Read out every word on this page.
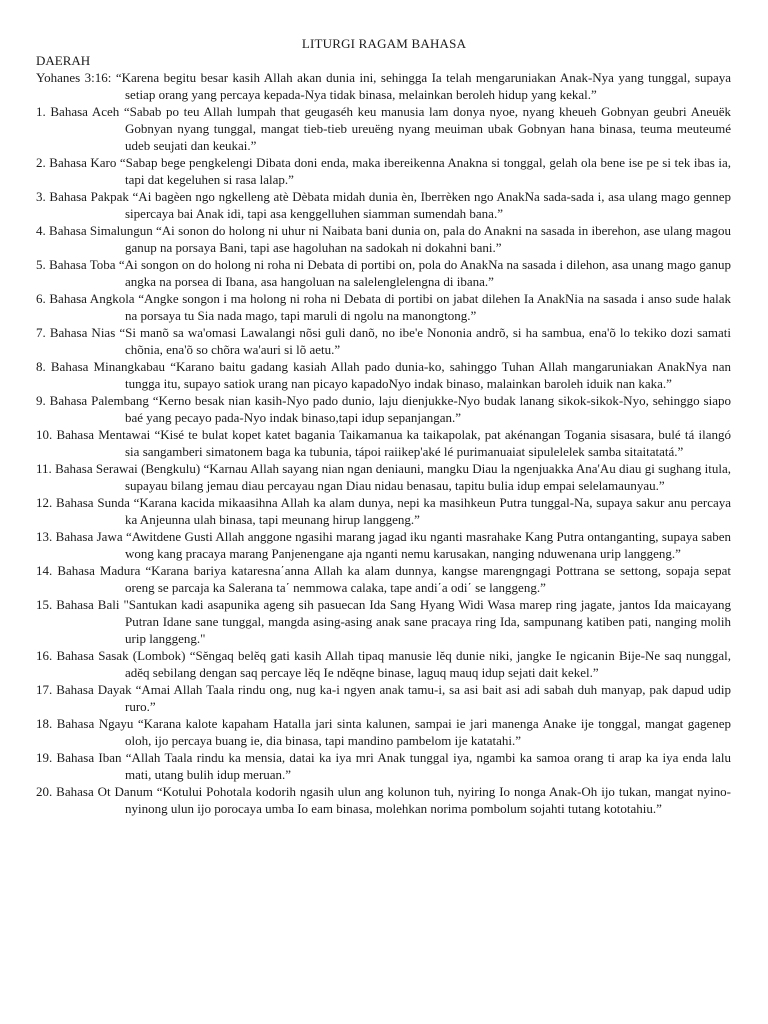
LITURGI RAGAM BAHASA
DAERAH
Yohanes 3:16: “Karena begitu besar kasih Allah akan dunia ini, sehingga Ia telah mengaruniakan Anak-Nya yang tunggal, supaya setiap orang yang percaya kepada-Nya tidak binasa, melainkan beroleh hidup yang kekal.”
1. Bahasa Aceh “Sabab po teu Allah lumpah that geugaséh keu manusia lam donya nyoe, nyang kheueh Gobnyan geubri Aneuëk Gobnyan nyang tunggal, mangat tieb-tieb ureuëng nyang meuiman ubak Gobnyan hana binasa, teuma meuteumé udeb seujati dan keukai.”
2. Bahasa Karo “Sabap bege pengkelengi Dibata doni enda, maka ibereikenna Anakna si tonggal, gelah ola bene ise pe si tek ibas ia, tapi dat kegeluhen si rasa lalap.”
3. Bahasa Pakpak “Ai bagèen ngo ngkelleng atè Dèbata midah dunia èn, Iberrèken ngo AnakNa sada-sada i, asa ulang mago gennep sipercaya bai Anak idi, tapi asa kenggelluhen siamman sumendah bana.”
4. Bahasa Simalungun “Ai sonon do holong ni uhur ni Naibata bani dunia on, pala do Anakni na sasada in iberehon, ase ulang magou ganup na porsaya Bani, tapi ase hagoluhan na sadokah ni dokahni bani.”
5. Bahasa Toba “Ai songon on do holong ni roha ni Debata di portibi on, pola do AnakNa na sasada i dilehon, asa unang mago ganup angka na porsea di Ibana, asa hangoluan na salelenglelengna di ibana.”
6. Bahasa Angkola “Angke songon i ma holong ni roha ni Debata di portibi on jabat dilehen Ia AnakNia na sasada i anso sude halak na porsaya tu Sia nada mago, tapi maruli di ngolu na manongtong.”
7. Bahasa Nias “Si manõ sa wa'omasi Lawalangi nõsi guli danõ, no ibe'e Nononia andrõ, si ha sambua, ena'õ lo tekiko dozi samati chõnia, ena'õ so chõra wa'auri si lõ aetu.”
8. Bahasa Minangkabau “Karano baitu gadang kasiah Allah pado dunia-ko, sahinggo Tuhan Allah mangaruniakan AnakNya nan tungga itu, supayo satiok urang nan picayo kapadoNyo indak binaso, malainkan baroleh iduik nan kaka.”
9. Bahasa Palembang “Kerno besak nian kasih-Nyo pado dunio, laju dienjukke-Nyo budak lanang sikok-sikok-Nyo, sehinggo siapo baé yang pecayo pada-Nyo indak binaso,tapi idup sepanjangan.”
10. Bahasa Mentawai “Kisé te bulat kopet katet bagania Taikamanua ka taikapolak, pat akénangan Togania sisasara, bulé tá ilangó sia sangamberi simatonem baga ka tubunia, tápoi raiikep'aké lé purimanuaiat sipulelelek samba sitaitatatá.”
11. Bahasa Serawai (Bengkulu) “Karnau Allah sayang nian ngan deniauni, mangku Diau la ngenjuakka Ana'Au diau gi sughang itula, supayau bilang jemau diau percayau ngan Diau nidau benasau, tapitu bulia idup empai selelamaunyau.”
12. Bahasa Sunda “Karana kacida mikaasihna Allah ka alam dunya, nepi ka masihkeun Putra tunggal-Na, supaya sakur anu percaya ka Anjeunna ulah binasa, tapi meunang hirup langgeng.”
13. Bahasa Jawa “Awitdene Gusti Allah anggone ngasihi marang jagad iku nganti masrahake Kang Putra ontanganting, supaya saben wong kang pracaya marang Panjenengane aja nganti nemu karusakan, nanging nduwenana urip langgeng.”
14. Bahasa Madura “Karana bariya kataresna΄anna Allah ka alam dunnya, kangse marengngagi Pottrana se settong, sopaja sepat oreng se parcaja ka Salerana ta΄ nemmowa calaka, tape andi΄a odi΄ se langgeng.”
15. Bahasa Bali "Santukan kadi asapunika ageng sih pasuecan Ida Sang Hyang Widi Wasa marep ring jagate, jantos Ida maicayang Putran Idane sane tunggal, mangda asing-asing anak sane pracaya ring Ida, sampunang katiben pati, nanging molih urip langgeng."
16. Bahasa Sasak (Lombok) “Sĕngaq belĕq gati kasih Allah tipaq manusie lĕq dunie niki, jangke Ie ngicanin Bije-Ne saq nunggal, adĕq sebilang dengan saq percaye lĕq Ie ndĕqne binase, laguq mauq idup sejati dait kekel.”
17. Bahasa Dayak “Amai Allah Taala rindu ong, nug ka-i ngyen anak tamu-i, sa asi bait asi adi sabah duh manyap, pak dapud udip ruro.”
18. Bahasa Ngayu “Karana kalote kapaham Hatalla jari sinta kalunen, sampai ie jari manenga Anake ije tonggal, mangat gagenep oloh, ijo percaya buang ie, dia binasa, tapi mandino pambelom ije katatahi.”
19. Bahasa Iban “Allah Taala rindu ka mensia, datai ka iya mri Anak tunggal iya, ngambi ka samoa orang ti arap ka iya enda lalu mati, utang bulih idup meruan.”
20. Bahasa Ot Danum “Kotului Pohotala kodorih ngasih ulun ang kolunon tuh, nyiring Io nonga Anak-Oh ijo tukan, mangat nyino-nyinong ulun ijo porocaya umba Io eam binasa, molehkan norima pombolum sojahti tutang kototahiu.”
